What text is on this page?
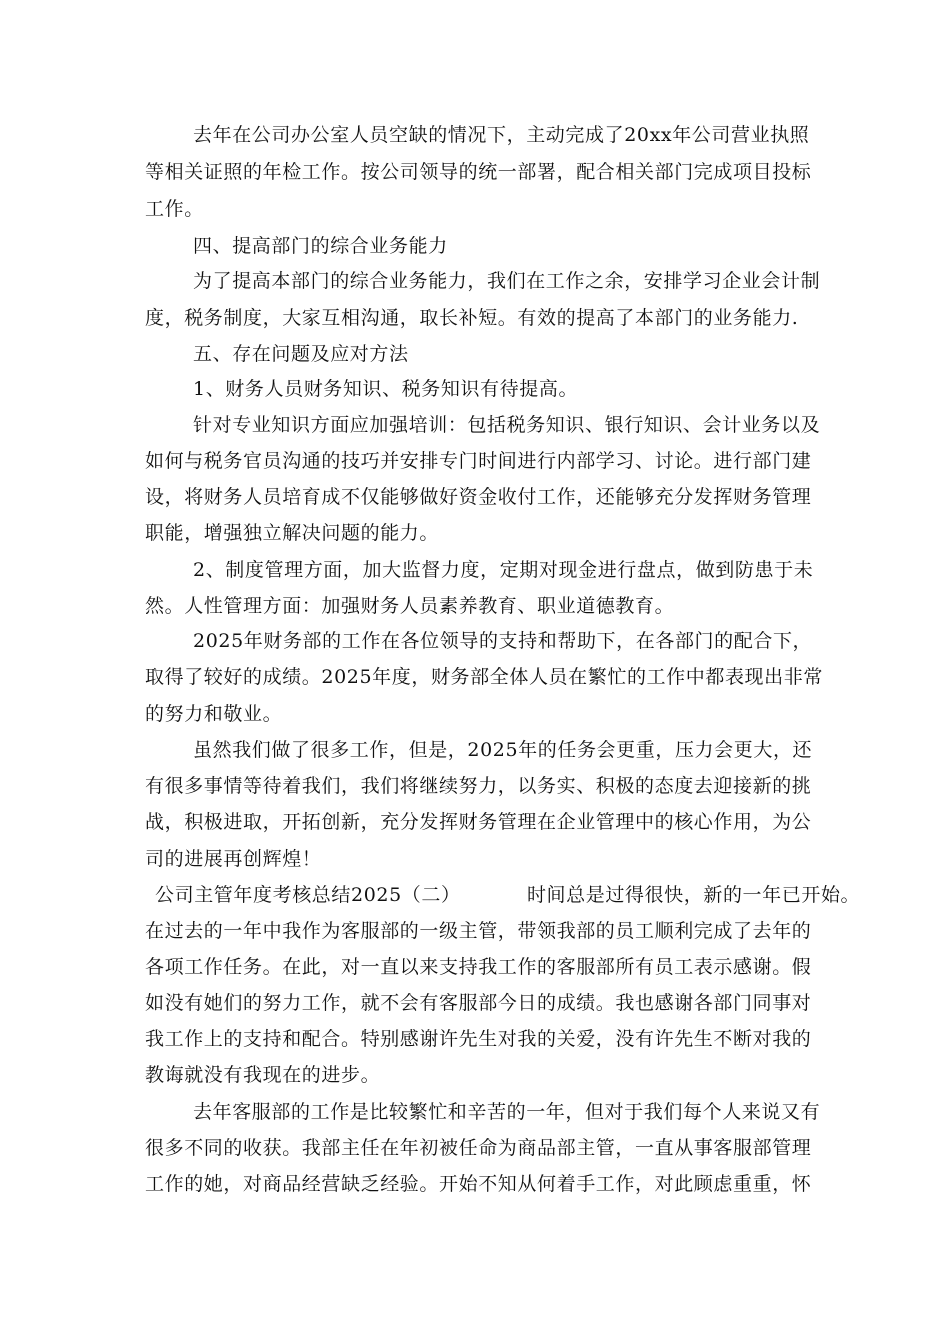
去年在公司办公室人员空缺的情况下，主动完成了20xx年公司营业执照
等相关证照的年检工作。按公司领导的统一部署，配合相关部门完成项目投标
工作。
四、提高部门的综合业务能力
为了提高本部门的综合业务能力，我们在工作之余，安排学习企业会计制
度，税务制度，大家互相沟通，取长补短。有效的提高了本部门的业务能力.
五、存在问题及应对方法
1、财务人员财务知识、税务知识有待提高。
针对专业知识方面应加强培训：包括税务知识、银行知识、会计业务以及
如何与税务官员沟通的技巧并安排专门时间进行内部学习、讨论。进行部门建
设，将财务人员培育成不仅能够做好资金收付工作，还能够充分发挥财务管理
职能，增强独立解决问题的能力。
2、制度管理方面，加大监督力度，定期对现金进行盘点，做到防患于未
然。人性管理方面：加强财务人员素养教育、职业道德教育。
2025年财务部的工作在各位领导的支持和帮助下，在各部门的配合下，
取得了较好的成绩。2025年度，财务部全体人员在繁忙的工作中都表现出非常
的努力和敬业。
虽然我们做了很多工作，但是，2025年的任务会更重，压力会更大，还
有很多事情等待着我们，我们将继续努力，以务实、积极的态度去迎接新的挑
战，积极进取，开拓创新，充分发挥财务管理在企业管理中的核心作用，为公
司的进展再创辉煌！
公司主管年度考核总结2025（二）          时间总是过得很快，新的一年已开始。
在过去的一年中我作为客服部的一级主管，带领我部的员工顺利完成了去年的
各项工作任务。在此，对一直以来支持我工作的客服部所有员工表示感谢。假
如没有她们的努力工作，就不会有客服部今日的成绩。我也感谢各部门同事对
我工作上的支持和配合。特别感谢许先生对我的关爱，没有许先生不断对我的
教诲就没有我现在的进步。
去年客服部的工作是比较繁忙和辛苦的一年，但对于我们每个人来说又有
很多不同的收获。我部主任在年初被任命为商品部主管，一直从事客服部管理
工作的她，对商品经营缺乏经验。开始不知从何着手工作，对此顾虑重重，怀
